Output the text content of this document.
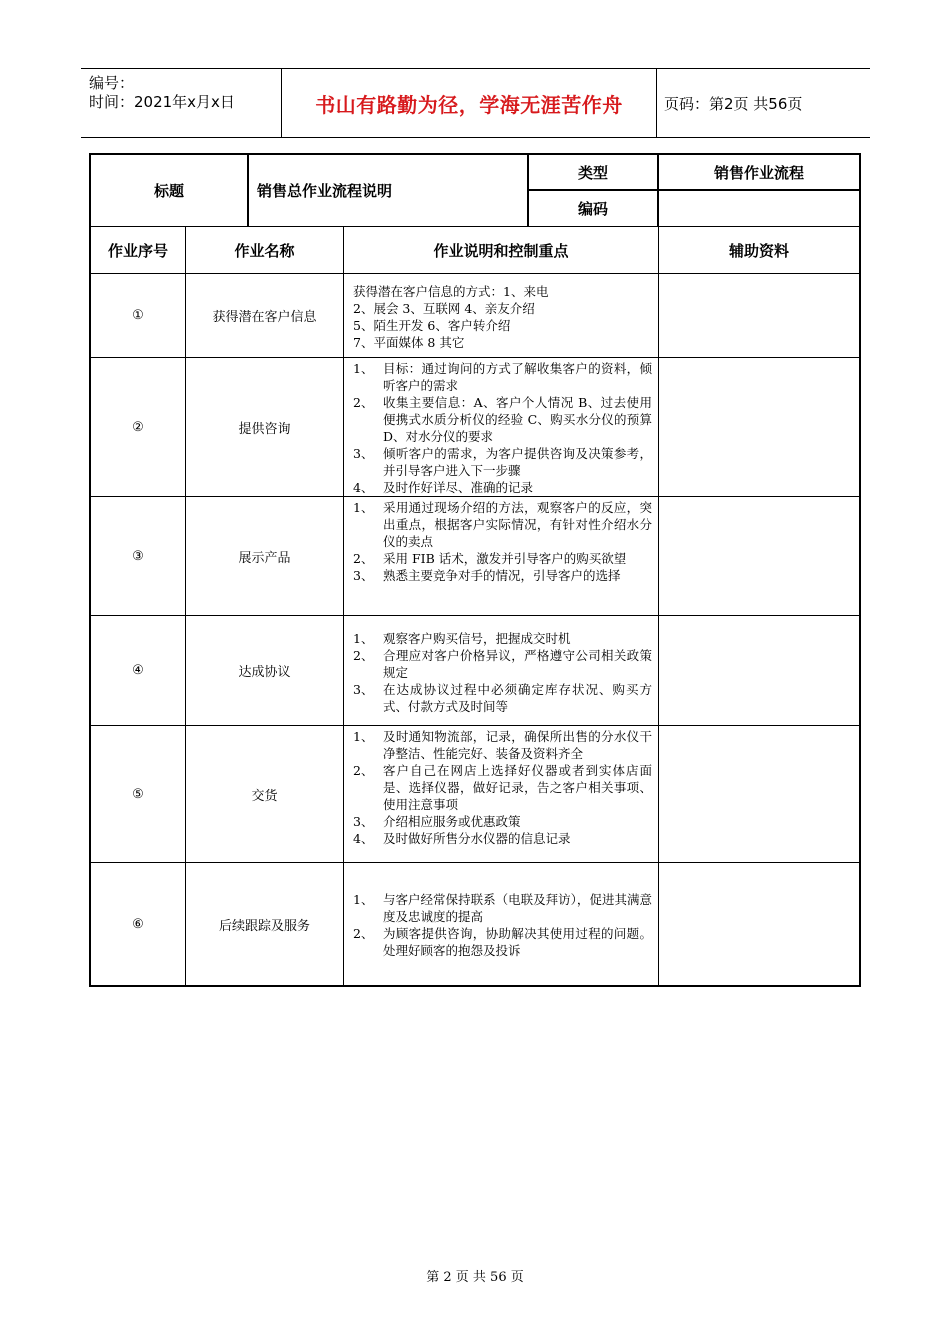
编号：
时间：2021年x月x日	书山有路勤为径，学海无涯苦作舟	页码：第2页 共56页
标题	销售总作业流程说明
类型	销售作业流程
编码
作业序号	作业名称	作业说明和控制重点	辅助资料
①	获得潜在客户信息
获得潜在客户信息的方式：1、来电
2、展会 3、互联网 4、亲友介绍
5、陌生开发 6、客户转介绍
7、平面媒体 8 其它
②	提供咨询
1、 目标：通过询问的方式了解收集客户的资料，倾听客户的需求
2、 收集主要信息：A、客户个人情况 B、过去使用便携式水质分析仪的经验 C、购买水分仪的预算 D、对水分仪的要求
3、 倾听客户的需求，为客户提供咨询及决策参考，并引导客户进入下一步骤
4、 及时作好详尽、准确的记录
③	展示产品
1、 采用通过现场介绍的方法，观察客户的反应，突出重点，根据客户实际情况，有针对性介绍水分仪的卖点
2、 采用 FIB 话术，激发并引导客户的购买欲望
3、 熟悉主要竞争对手的情况，引导客户的选择
④	达成协议
1、 观察客户购买信号，把握成交时机
2、 合理应对客户价格异议，严格遵守公司相关政策规定
3、 在达成协议过程中必须确定库存状况、购买方式、付款方式及时间等
⑤	交货
1、 及时通知物流部，记录，确保所出售的分水仪干净整洁、性能完好、装备及资料齐全
2、 客户自己在网店上选择好仪器或者到实体店面是、选择仪器，做好记录，告之客户相关事项、使用注意事项
3、 介绍相应服务或优惠政策
4、 及时做好所售分水仪器的信息记录
⑥	后续跟踪及服务
1、 与客户经常保持联系（电联及拜访），促进其满意度及忠诚度的提高
2、 为顾客提供咨询，协助解决其使用过程的问题。处理好顾客的抱怨及投诉
第 2 页 共 56 页
